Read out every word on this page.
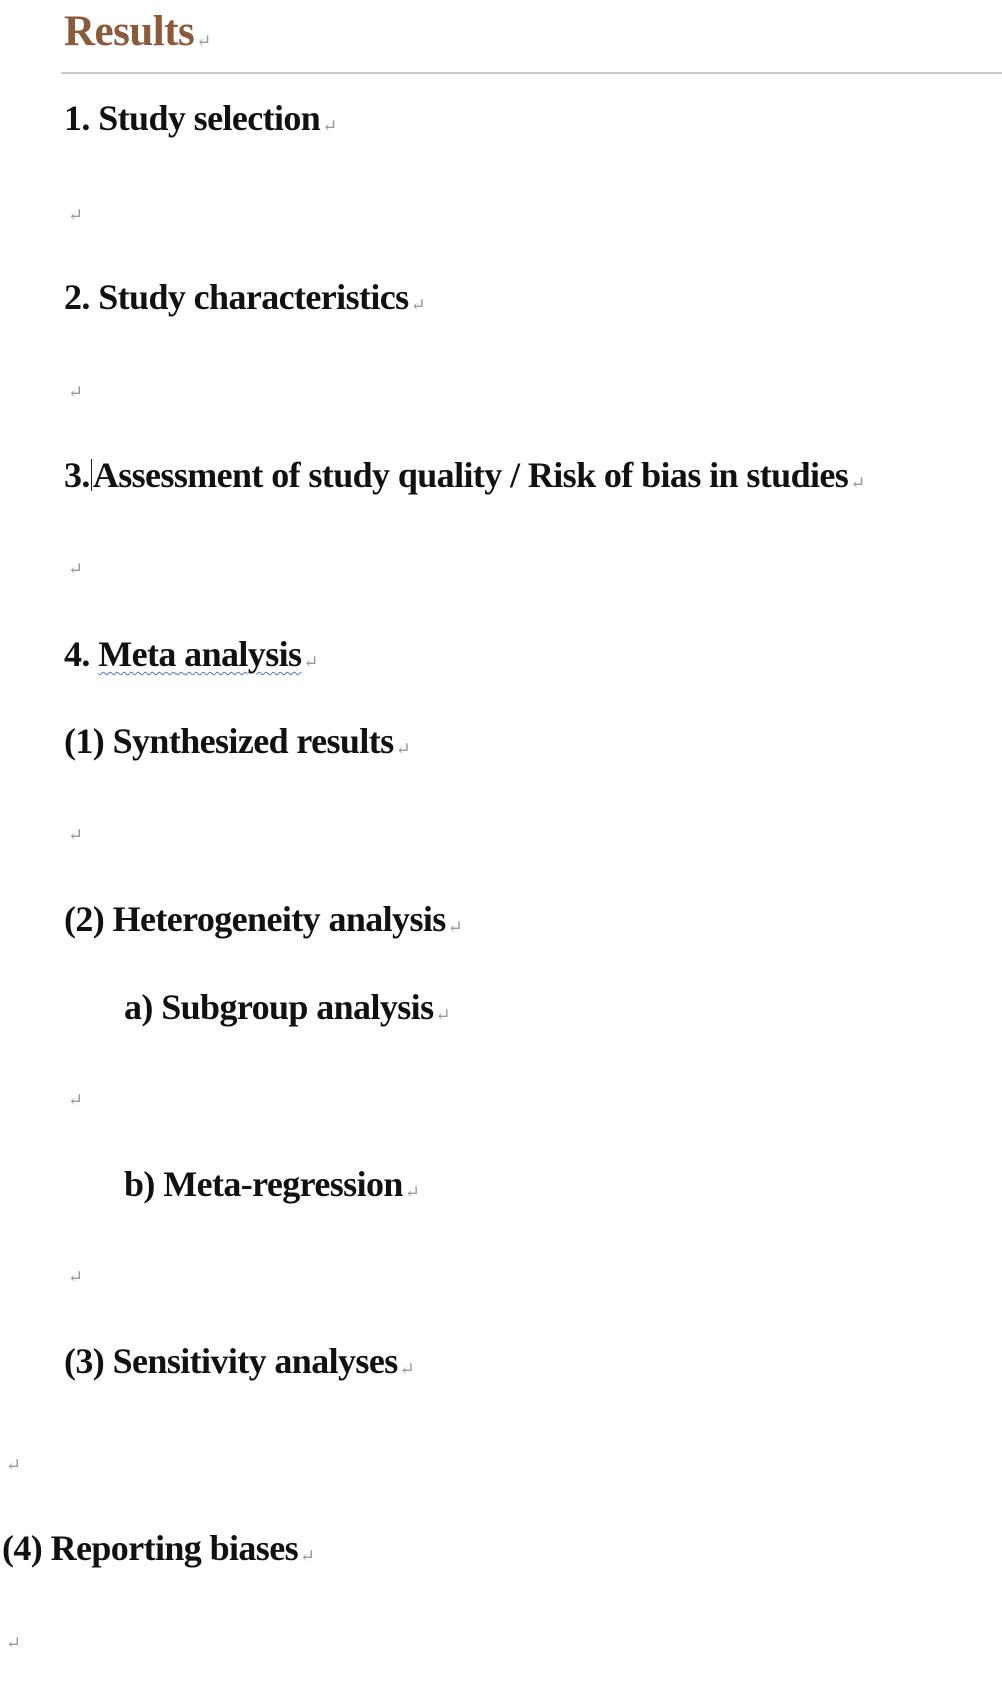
Results ↵
1. Study selection ↵
↵
2. Study characteristics ↵
↵
3.Assessment of study quality / Risk of bias in studies ↵
↵
4. Meta analysis ↵
(1) Synthesized results ↵
↵
(2) Heterogeneity analysis ↵
a) Subgroup analysis ↵
↵
b) Meta-regression ↵
↵
(3) Sensitivity analyses ↵
↵
(4) Reporting biases ↵
↵
